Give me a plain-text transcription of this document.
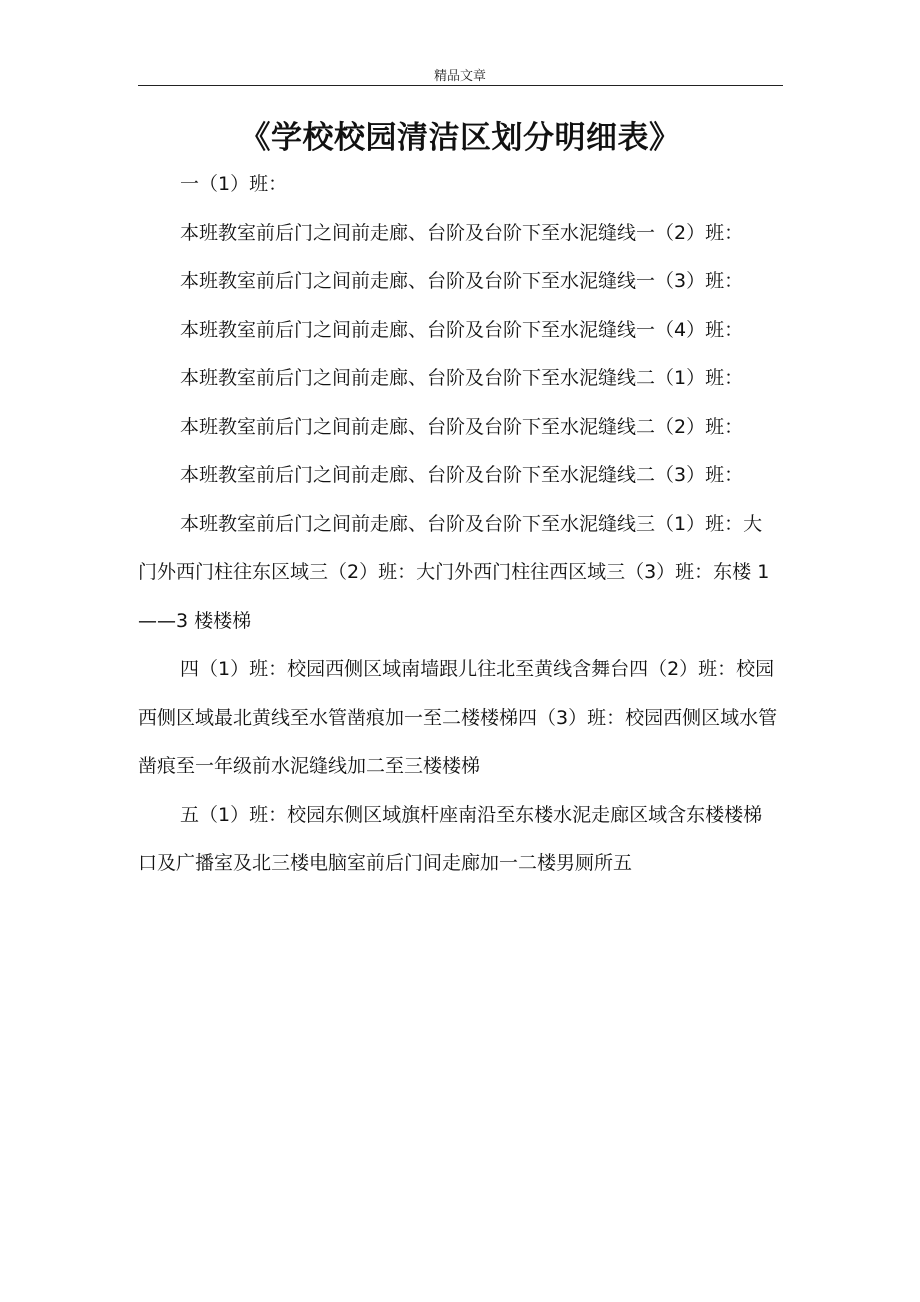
精品文章
《学校校园清洁区划分明细表》

一（1）班：

本班教室前后门之间前走廊、台阶及台阶下至水泥缝线一（2）班：

本班教室前后门之间前走廊、台阶及台阶下至水泥缝线一（3）班：

本班教室前后门之间前走廊、台阶及台阶下至水泥缝线一（4）班：

本班教室前后门之间前走廊、台阶及台阶下至水泥缝线二（1）班：

本班教室前后门之间前走廊、台阶及台阶下至水泥缝线二（2）班：

本班教室前后门之间前走廊、台阶及台阶下至水泥缝线二（3）班：

本班教室前后门之间前走廊、台阶及台阶下至水泥缝线三（1）班：大门外西门柱往东区域三（2）班：大门外西门柱往西区域三（3）班：东楼 1——3 楼楼梯

四（1）班：校园西侧区域南墙跟儿往北至黄线含舞台四（2）班：校园西侧区域最北黄线至水管凿痕加一至二楼楼梯四（3）班：校园西侧区域水管凿痕至一年级前水泥缝线加二至三楼楼梯

五（1）班：校园东侧区域旗杆座南沿至东楼水泥走廊区域含东楼楼梯口及广播室及北三楼电脑室前后门间走廊加一二楼男厕所五
